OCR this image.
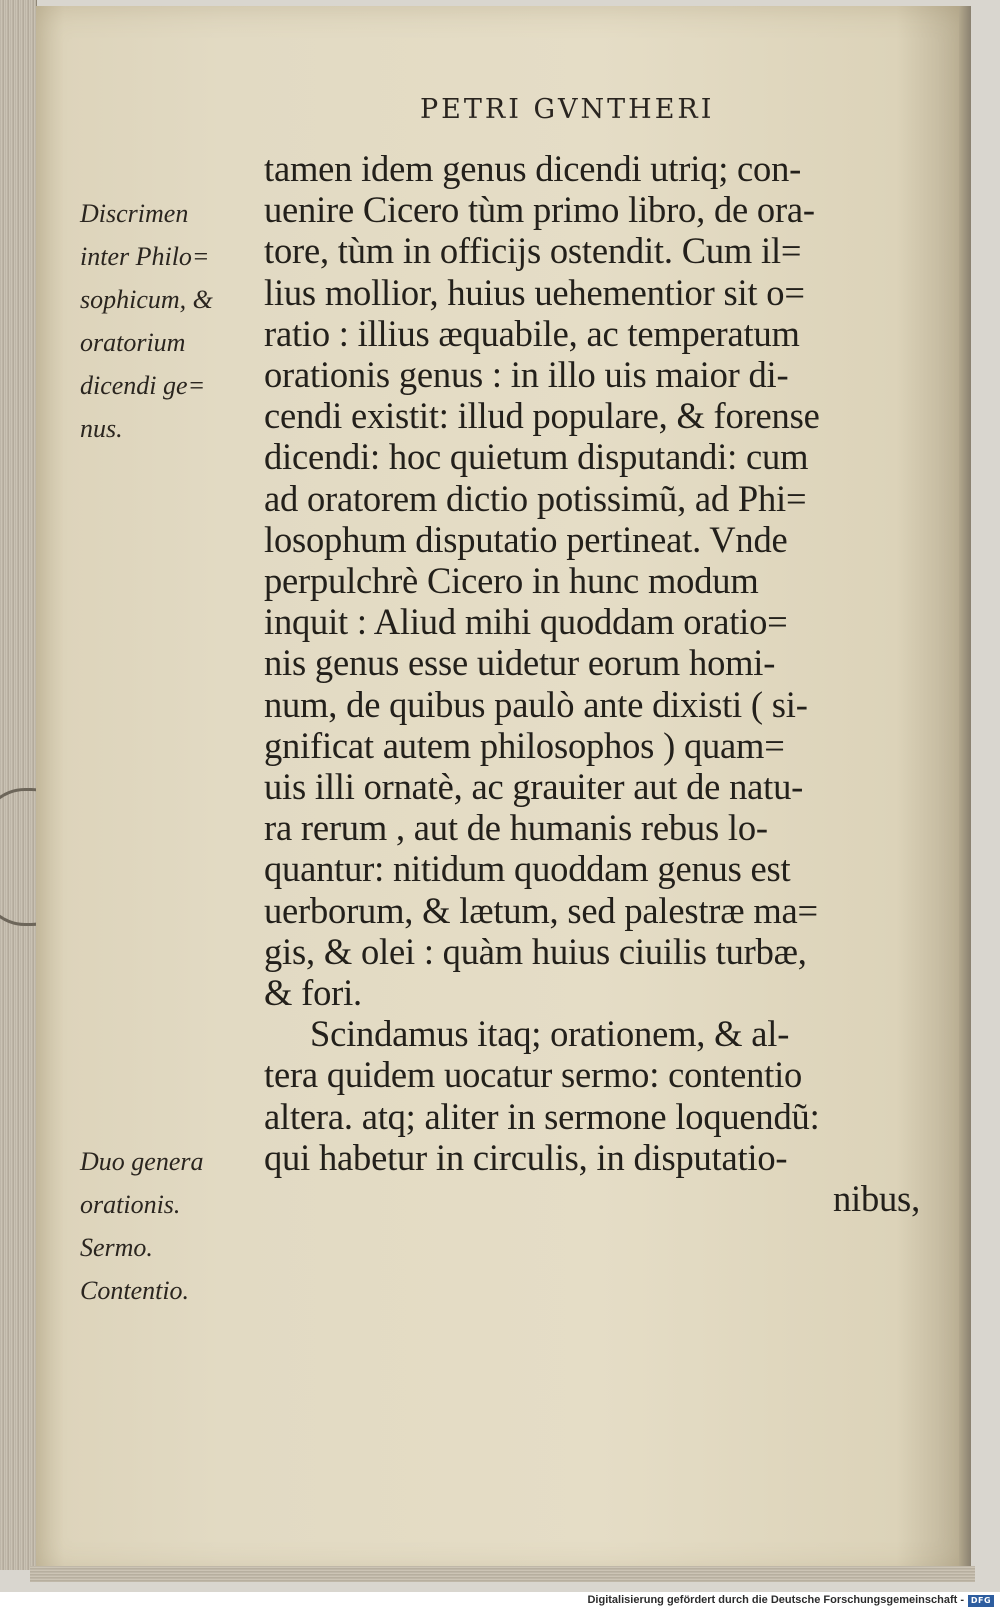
PETRI GVNTHERI
Discrimen
inter Philo=
sophicum, &
oratorium
dicendi ge=
nus.
Duo genera
orationis.
Sermo.
Contentio.
tamen idem genus dicendi utriq; con-
uenire Cicero tùm primo libro, de ora-
tore, tùm in officijs ostendit. Cum il=
lius mollior, huius uehementior sit o=
ratio : illius æquabile, ac temperatum
orationis genus : in illo uis maior di-
cendi existit: illud populare, & forense
dicendi: hoc quietum disputandi: cum
ad oratorem dictio potissimũ, ad Phi=
losophum disputatio pertineat. Vnde
perpulchrè Cicero in hunc modum
inquit : Aliud mihi quoddam oratio=
nis genus esse uidetur eorum homi-
num, de quibus paulò ante dixisti ( si-
gnificat autem philosophos ) quam=
uis illi ornatè, ac grauiter aut de natu-
ra rerum , aut de humanis rebus lo-
quantur: nitidum quoddam genus est
uerborum, & lætum, sed palestræ ma=
gis, & olei : quàm huius ciuilis turbæ,
& fori.
Scindamus itaq; orationem, & al-
tera quidem uocatur sermo: contentio
altera. atq; aliter in sermone loquendũ:
qui habetur in circulis, in disputatio-
nibus,
Digitalisierung gefördert durch die Deutsche Forschungsgemeinschaft - DFG
